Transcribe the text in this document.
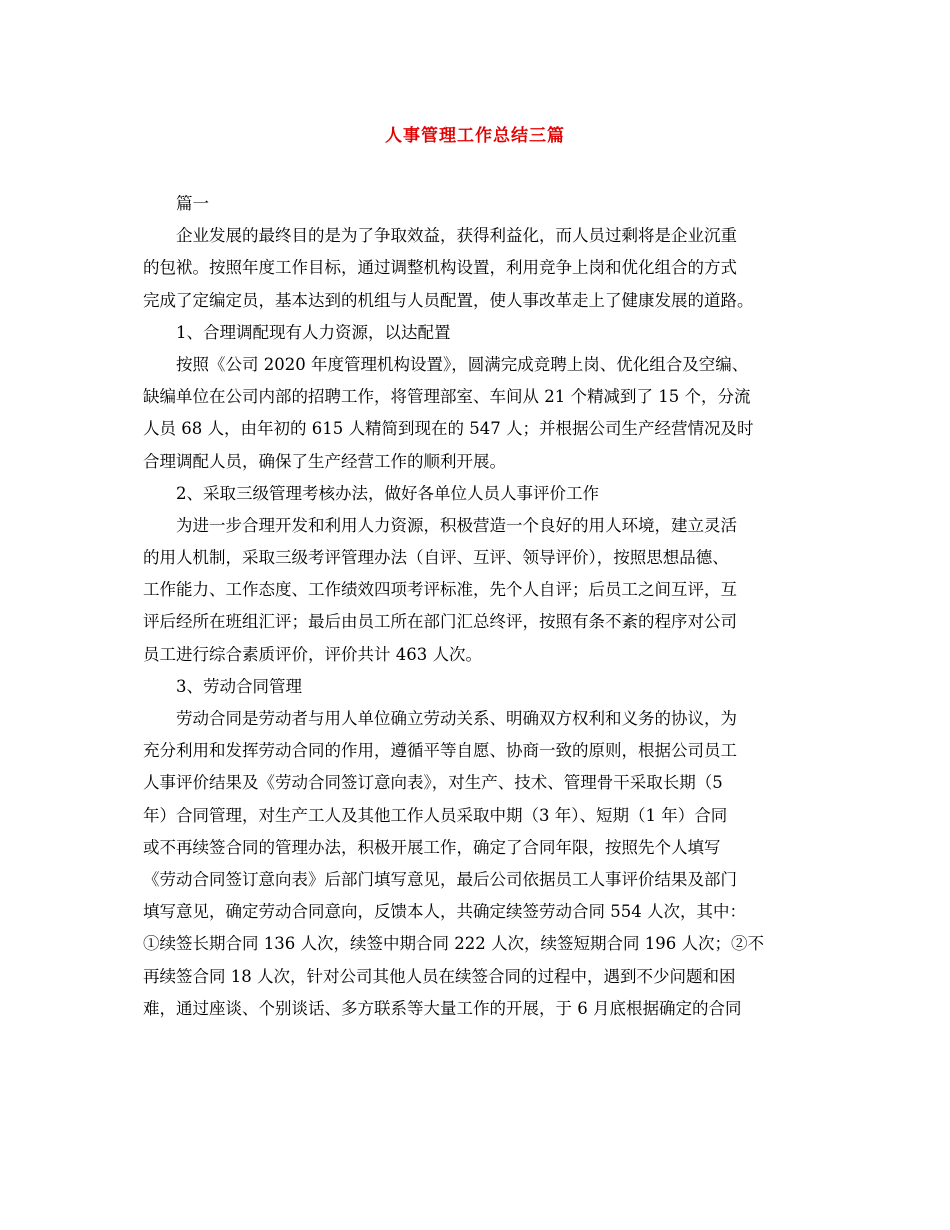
人事管理工作总结三篇

篇一

企业发展的最终目的是为了争取效益，获得利益化，而人员过剩将是企业沉重

的包袱。按照年度工作目标，通过调整机构设置，利用竞争上岗和优化组合的方式

完成了定编定员，基本达到的机组与人员配置，使人事改革走上了健康发展的道路。

1、合理调配现有人力资源，以达配置

按照《公司 2020 年度管理机构设置》，圆满完成竞聘上岗、优化组合及空编、

缺编单位在公司内部的招聘工作，将管理部室、车间从 21 个精减到了 15 个，分流

人员 68 人，由年初的 615 人精简到现在的 547 人；并根据公司生产经营情况及时

合理调配人员，确保了生产经营工作的顺利开展。

2、采取三级管理考核办法，做好各单位人员人事评价工作

为进一步合理开发和利用人力资源，积极营造一个良好的用人环境，建立灵活

的用人机制，采取三级考评管理办法（自评、互评、领导评价），按照思想品德、

工作能力、工作态度、工作绩效四项考评标准，先个人自评；后员工之间互评，互

评后经所在班组汇评；最后由员工所在部门汇总终评，按照有条不紊的程序对公司

员工进行综合素质评价，评价共计 463 人次。

3、劳动合同管理

劳动合同是劳动者与用人单位确立劳动关系、明确双方权利和义务的协议，为

充分利用和发挥劳动合同的作用，遵循平等自愿、协商一致的原则，根据公司员工

人事评价结果及《劳动合同签订意向表》，对生产、技术、管理骨干采取长期（5

年）合同管理，对生产工人及其他工作人员采取中期（3 年）、短期（1 年）合同

或不再续签合同的管理办法，积极开展工作，确定了合同年限，按照先个人填写

《劳动合同签订意向表》后部门填写意见，最后公司依据员工人事评价结果及部门

填写意见，确定劳动合同意向，反馈本人，共确定续签劳动合同 554 人次，其中：

①续签长期合同 136 人次，续签中期合同 222 人次，续签短期合同 196 人次；②不

再续签合同 18 人次，针对公司其他人员在续签合同的过程中，遇到不少问题和困

难，通过座谈、个别谈话、多方联系等大量工作的开展，于 6 月底根据确定的合同
